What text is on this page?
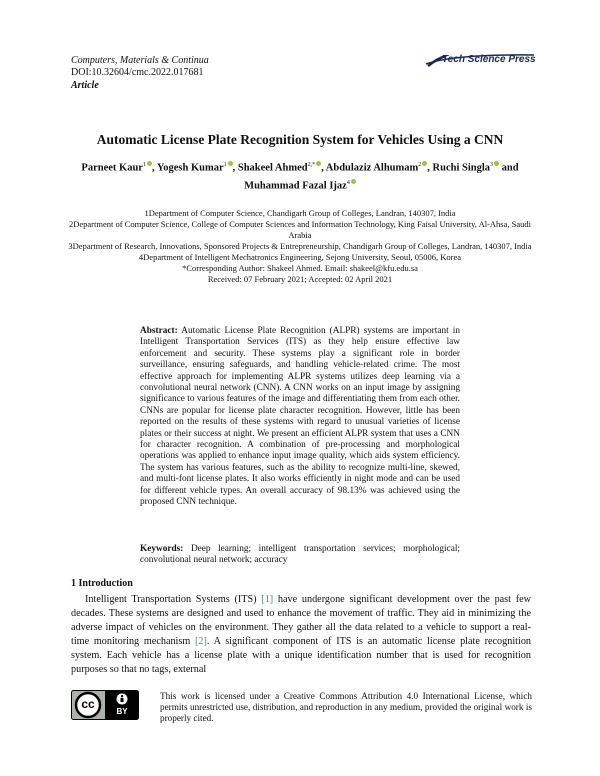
Computers, Materials & Continua
DOI:10.32604/cmc.2022.017681
Article
Tech Science Press
Automatic License Plate Recognition System for Vehicles Using a CNN
Parneet Kaur$^1$ , Yogesh Kumar$^1$ , Shakeel Ahmed$^{2,*}$ , Abdulaziz Alhumam$^2$ , Ruchi Singla$^3$ and
Muhammad Fazal Ijaz$^4$
1Department of Computer Science, Chandigarh Group of Colleges, Landran, 140307, India
2Department of Computer Science, College of Computer Sciences and Information Technology, King Faisal University, Al-Ahsa, Saudi Arabia
3Department of Research, Innovations, Sponsored Projects & Entrepreneurship, Chandigarh Group of Colleges, Landran, 140307, India
4Department of Intelligent Mechatronics Engineering, Sejong University, Seoul, 05006, Korea
*Corresponding Author: Shakeel Ahmed. Email: shakeel@kfu.edu.sa
Received: 07 February 2021; Accepted: 02 April 2021
Abstract: Automatic License Plate Recognition (ALPR) systems are important in Intelligent Transportation Services (ITS) as they help ensure effective law enforcement and security. These systems play a significant role in border surveillance, ensuring safeguards, and handling vehicle-related crime. The most effective approach for implementing ALPR systems utilizes deep learning via a convolutional neural network (CNN). A CNN works on an input image by assigning significance to various features of the image and differentiating them from each other. CNNs are popular for license plate character recognition. However, little has been reported on the results of these systems with regard to unusual varieties of license plates or their success at night. We present an efficient ALPR system that uses a CNN for character recognition. A combination of pre-processing and morphological operations was applied to enhance input image quality, which aids system efficiency. The system has various features, such as the ability to recognize multi-line, skewed, and multi-font license plates. It also works efficiently in night mode and can be used for different vehicle types. An overall accuracy of 98.13% was achieved using the proposed CNN technique.
Keywords: Deep learning; intelligent transportation services; morphological; convolutional neural network; accuracy
1 Introduction
Intelligent Transportation Systems (ITS) [1] have undergone significant development over the past few decades. These systems are designed and used to enhance the movement of traffic. They aid in minimizing the adverse impact of vehicles on the environment. They gather all the data related to a vehicle to support a real-time monitoring mechanism [2]. A significant component of ITS is an automatic license plate recognition system. Each vehicle has a license plate with a unique identification number that is used for recognition purposes so that no tags, external
cc
BY
This work is licensed under a Creative Commons Attribution 4.0 International License, which permits unrestricted use, distribution, and reproduction in any medium, provided the original work is properly cited.
